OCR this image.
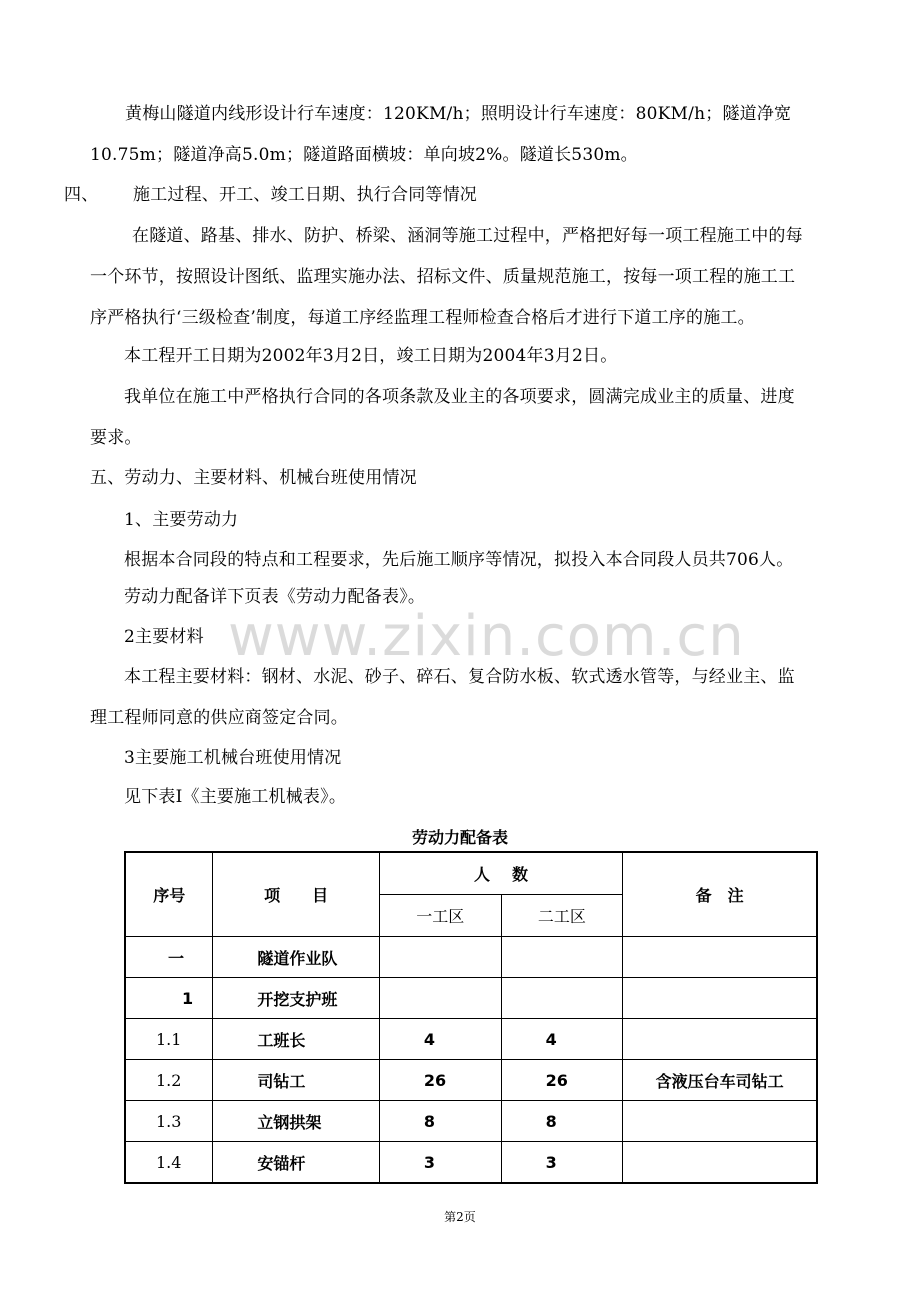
黄梅山隧道内线形设计行车速度：120KM/h；照明设计行车速度：80KM/h；隧道净宽
10.75m；隧道净高5.0m；隧道路面横坡：单向坡2%。隧道长530m。
四、 施工过程、开工、竣工日期、执行合同等情况
在隧道、路基、排水、防护、桥梁、涵洞等施工过程中，严格把好每一项工程施工中的每
一个环节，按照设计图纸、监理实施办法、招标文件、质量规范施工，按每一项工程的施工工
序严格执行‘三级检查’制度，每道工序经监理工程师检查合格后才进行下道工序的施工。
本工程开工日期为2002年3月2日，竣工日期为2004年3月2日。
我单位在施工中严格执行合同的各项条款及业主的各项要求，圆满完成业主的质量、进度
要求。
五、劳动力、主要材料、机械台班使用情况
1、主要劳动力
根据本合同段的特点和工程要求，先后施工顺序等情况，拟投入本合同段人员共706人。
劳动力配备详下页表《劳动力配备表》。
www.zixin.com.cn
2主要材料
本工程主要材料：钢材、水泥、砂子、碎石、复合防水板、软式透水管等，与经业主、监
理工程师同意的供应商签定合同。
3主要施工机械台班使用情况
见下表Ⅰ《主要施工机械表》。
劳动力配备表
序号	项　　目	人数		备　注
		一工区	二工区	
一	隧道作业队			
1	开挖支护班			
1.1	工班长	4	4	
1.2	司钻工	26	26	含液压台车司钻工
1.3	立钢拱架	8	8	
1.4	安锚杆	3	3	
第2页
